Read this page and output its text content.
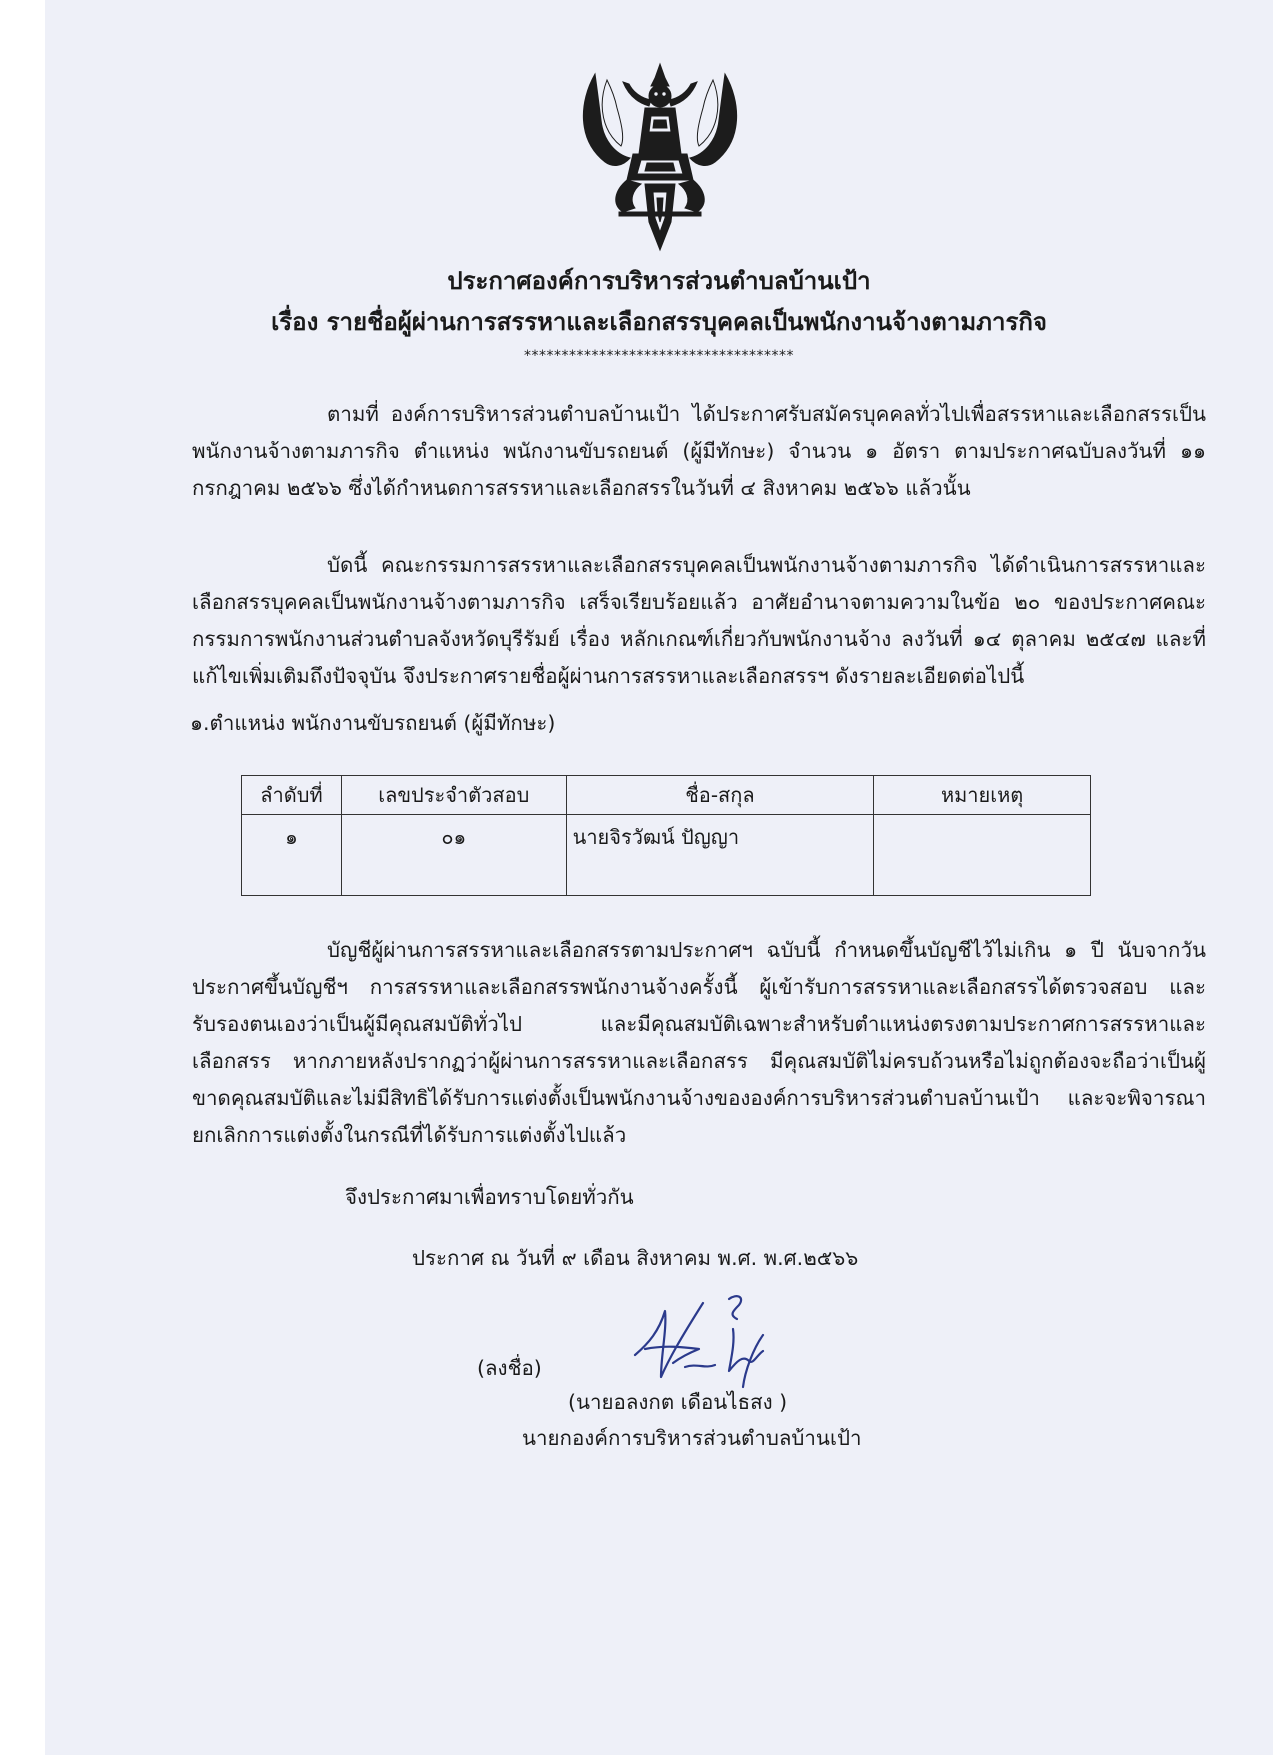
ประกาศองค์การบริหารส่วนตำบลบ้านเป้า
เรื่อง รายชื่อผู้ผ่านการสรรหาและเลือกสรรบุคคลเป็นพนักงานจ้างตามภารกิจ
************************************
ตามที่ องค์การบริหารส่วนตำบลบ้านเป้า ได้ประกาศรับสมัครบุคคลทั่วไปเพื่อสรรหาและเลือกสรรเป็นพนักงานจ้างตามภารกิจ ตำแหน่ง พนักงานขับรถยนต์ (ผู้มีทักษะ) จำนวน ๑ อัตรา ตามประกาศฉบับลงวันที่ ๑๑ กรกฎาคม ๒๕๖๖ ซึ่งได้กำหนดการสรรหาและเลือกสรรในวันที่ ๔ สิงหาคม ๒๕๖๖ แล้วนั้น
บัดนี้ คณะกรรมการสรรหาและเลือกสรรบุคคลเป็นพนักงานจ้างตามภารกิจ ได้ดำเนินการสรรหาและเลือกสรรบุคคลเป็นพนักงานจ้างตามภารกิจ เสร็จเรียบร้อยแล้ว อาศัยอำนาจตามความในข้อ ๒๐ ของประกาศคณะกรรมการพนักงานส่วนตำบลจังหวัดบุรีรัมย์ เรื่อง หลักเกณฑ์เกี่ยวกับพนักงานจ้าง ลงวันที่ ๑๔ ตุลาคม ๒๕๔๗ และที่แก้ไขเพิ่มเติมถึงปัจจุบัน จึงประกาศรายชื่อผู้ผ่านการสรรหาและเลือกสรรฯ ดังรายละเอียดต่อไปนี้
๑.ตำแหน่ง พนักงานขับรถยนต์ (ผู้มีทักษะ)
ลำดับที่	เลขประจำตัวสอบ	ชื่อ-สกุล	หมายเหตุ
๑	๐๑	นายจิรวัฒน์ ปัญญา	
บัญชีผู้ผ่านการสรรหาและเลือกสรรตามประกาศฯ ฉบับนี้ กำหนดขึ้นบัญชีไว้ไม่เกิน ๑ ปี นับจากวันประกาศขึ้นบัญชีฯ การสรรหาและเลือกสรรพนักงานจ้างครั้งนี้ ผู้เข้ารับการสรรหาและเลือกสรรได้ตรวจสอบ และรับรองตนเองว่าเป็นผู้มีคุณสมบัติทั่วไป และมีคุณสมบัติเฉพาะสำหรับตำแหน่งตรงตามประกาศการสรรหาและเลือกสรร หากภายหลังปรากฏว่าผู้ผ่านการสรรหาและเลือกสรร มีคุณสมบัติไม่ครบถ้วนหรือไม่ถูกต้องจะถือว่าเป็นผู้ขาดคุณสมบัติและไม่มีสิทธิได้รับการแต่งตั้งเป็นพนักงานจ้างขององค์การบริหารส่วนตำบลบ้านเป้า และจะพิจารณายกเลิกการแต่งตั้งในกรณีที่ได้รับการแต่งตั้งไปแล้ว
จึงประกาศมาเพื่อทราบโดยทั่วกัน
ประกาศ ณ วันที่ ๙ เดือน สิงหาคม พ.ศ. พ.ศ.๒๕๖๖
(ลงชื่อ)
(นายอลงกต เดือนไธสง )
นายกองค์การบริหารส่วนตำบลบ้านเป้า
